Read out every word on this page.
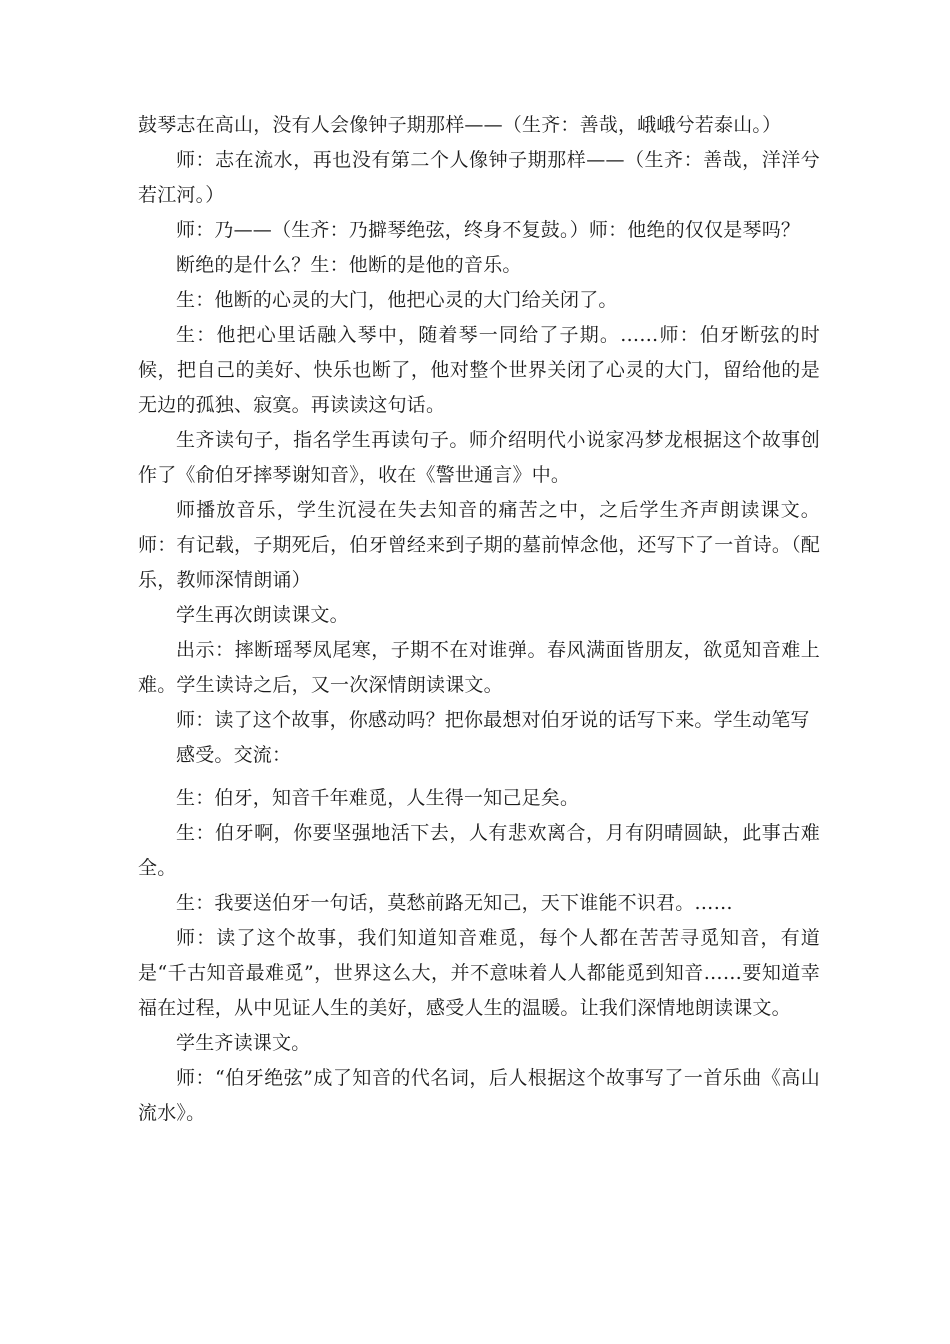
鼓琴志在高山，没有人会像钟子期那样——（生齐：善哉，峨峨兮若泰山。）

师：志在流水，再也没有第二个人像钟子期那样——（生齐：善哉，洋洋兮若江河。）

师：乃——（生齐：乃擗琴绝弦，终身不复鼓。）师：他绝的仅仅是琴吗？

断绝的是什么？生：他断的是他的音乐。

生：他断的心灵的大门，他把心灵的大门给关闭了。

生：他把心里话融入琴中，随着琴一同给了子期。……师：伯牙断弦的时候，把自己的美好、快乐也断了，他对整个世界关闭了心灵的大门，留给他的是无边的孤独、寂寞。再读读这句话。

生齐读句子，指名学生再读句子。师介绍明代小说家冯梦龙根据这个故事创作了《俞伯牙摔琴谢知音》，收在《警世通言》中。

师播放音乐，学生沉浸在失去知音的痛苦之中，之后学生齐声朗读课文。师：有记载，子期死后，伯牙曾经来到子期的墓前悼念他，还写下了一首诗。（配乐，教师深情朗诵）

学生再次朗读课文。

出示：摔断瑶琴凤尾寒，子期不在对谁弹。春风满面皆朋友，欲觅知音难上难。学生读诗之后，又一次深情朗读课文。

师：读了这个故事，你感动吗？把你最想对伯牙说的话写下来。学生动笔写

感受。交流：

生：伯牙，知音千年难觅，人生得一知己足矣。

生：伯牙啊，你要坚强地活下去，人有悲欢离合，月有阴晴圆缺，此事古难全。

生：我要送伯牙一句话，莫愁前路无知己，天下谁能不识君。……

师：读了这个故事，我们知道知音难觅，每个人都在苦苦寻觅知音，有道是“千古知音最难觅”，世界这么大，并不意味着人人都能觅到知音……要知道幸福在过程，从中见证人生的美好，感受人生的温暖。让我们深情地朗读课文。

学生齐读课文。

师：“伯牙绝弦”成了知音的代名词，后人根据这个故事写了一首乐曲《高山流水》。
